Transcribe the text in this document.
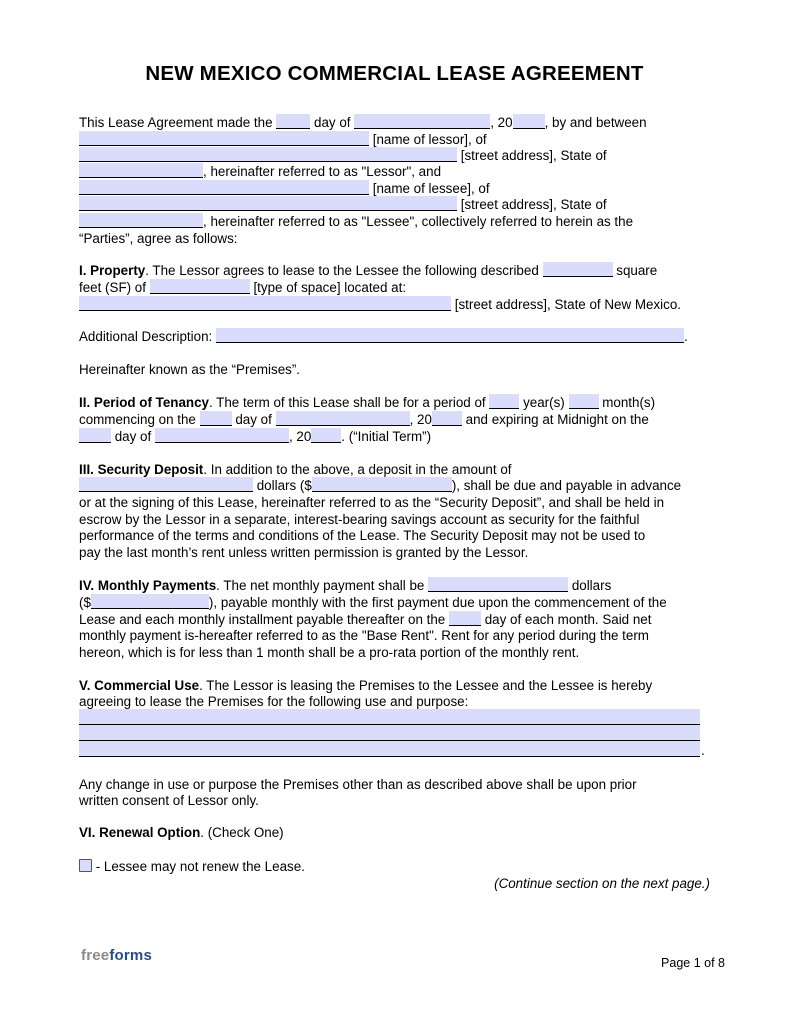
NEW MEXICO COMMERCIAL LEASE AGREEMENT
This Lease Agreement made the	day of	, 20 , by and between
[name of lessor], of
[street address], State of
, hereinafter referred to as "Lessor", and
[name of lessee], of
[street address], State of
, hereinafter referred to as "Lessee", collectively referred to herein as the
“Parties”, agree as follows:
I. Property. The Lessor agrees to lease to the Lessee the following described	square
feet (SF) of	[type of space] located at:
[street address], State of New Mexico.
Additional Description:	.
Hereinafter known as the “Premises”.
II. Period of Tenancy. The term of this Lease shall be for a period of	year(s)	month(s)
commencing on the	day of	, 20	and expiring at Midnight on the
day of	, 20 . (“Initial Term”)
III. Security Deposit. In addition to the above, a deposit in the amount of
dollars ($	), shall be due and payable in advance
or at the signing of this Lease, hereinafter referred to as the “Security Deposit”, and shall be held in
escrow by the Lessor in a separate, interest-bearing savings account as security for the faithful
performance of the terms and conditions of the Lease. The Security Deposit may not be used to
pay the last month’s rent unless written permission is granted by the Lessor.
IV. Monthly Payments. The net monthly payment shall be	dollars
($	), payable monthly with the first payment due upon the commencement of the
Lease and each monthly installment payable thereafter on the	day of each month. Said net
monthly payment is-hereafter referred to as the "Base Rent". Rent for any period during the term
hereon, which is for less than 1 month shall be a pro-rata portion of the monthly rent.
V. Commercial Use. The Lessor is leasing the Premises to the Lessee and the Lessee is hereby
agreeing to lease the Premises for the following use and purpose:
.
Any change in use or purpose the Premises other than as described above shall be upon prior
written consent of Lessor only.
VI. Renewal Option. (Check One)
- Lessee may not renew the Lease.
(Continue section on the next page.)
freeforms	Page 1 of 8
